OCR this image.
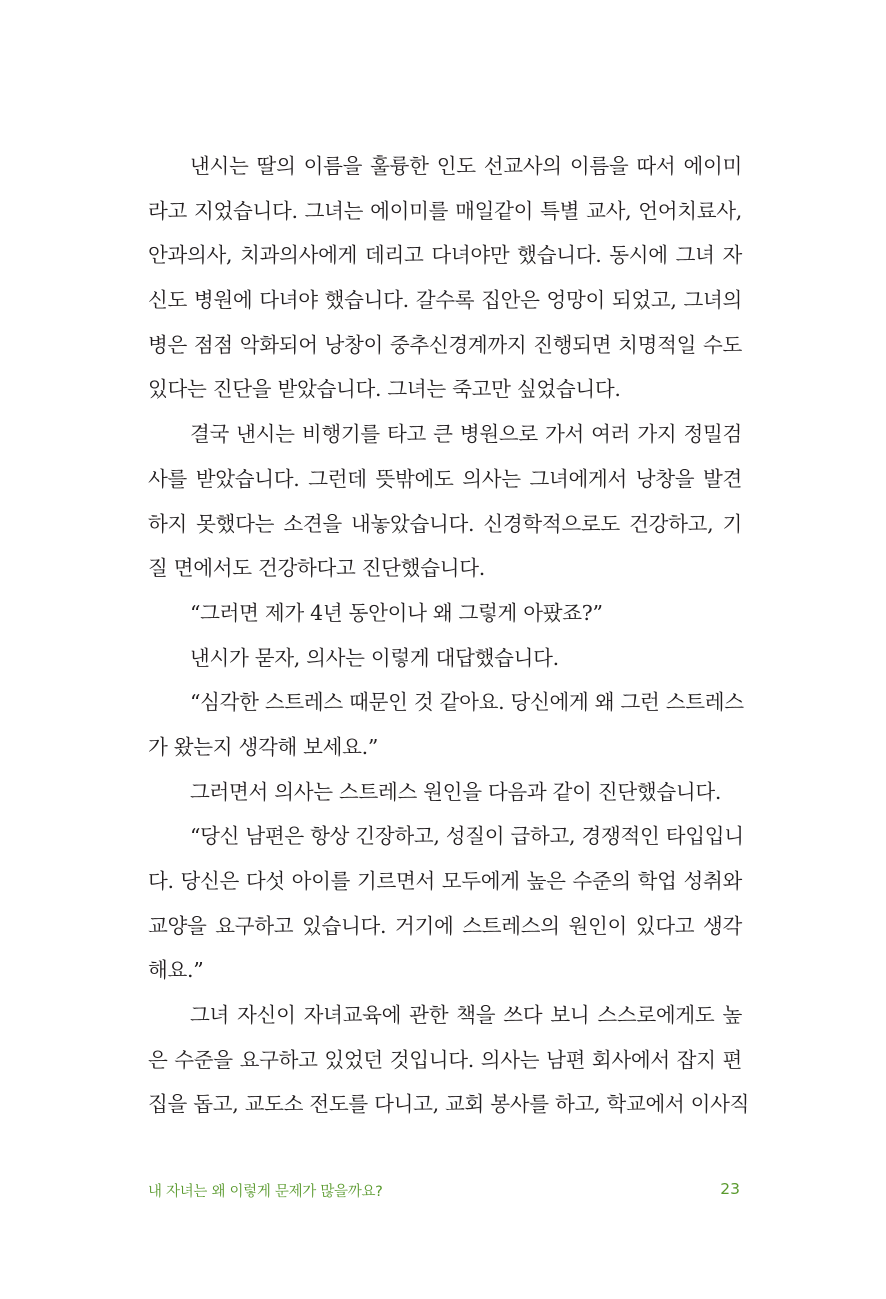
낸시는 딸의 이름을 훌륭한 인도 선교사의 이름을 따서 에이미
라고 지었습니다. 그녀는 에이미를 매일같이 특별 교사, 언어치료사,
안과의사, 치과의사에게 데리고 다녀야만 했습니다. 동시에 그녀 자
신도 병원에 다녀야 했습니다. 갈수록 집안은 엉망이 되었고, 그녀의
병은 점점 악화되어 낭창이 중추신경계까지 진행되면 치명적일 수도
있다는 진단을 받았습니다. 그녀는 죽고만 싶었습니다.
결국 낸시는 비행기를 타고 큰 병원으로 가서 여러 가지 정밀검
사를 받았습니다. 그런데 뜻밖에도 의사는 그녀에게서 낭창을 발견
하지 못했다는 소견을 내놓았습니다. 신경학적으로도 건강하고, 기
질 면에서도 건강하다고 진단했습니다.
“그러면 제가 4년 동안이나 왜 그렇게 아팠죠?”
낸시가 묻자, 의사는 이렇게 대답했습니다.
“심각한 스트레스 때문인 것 같아요. 당신에게 왜 그런 스트레스
가 왔는지 생각해 보세요.”
그러면서 의사는 스트레스 원인을 다음과 같이 진단했습니다.
“당신 남편은 항상 긴장하고, 성질이 급하고, 경쟁적인 타입입니
다. 당신은 다섯 아이를 기르면서 모두에게 높은 수준의 학업 성취와
교양을 요구하고 있습니다. 거기에 스트레스의 원인이 있다고 생각
해요.”
그녀 자신이 자녀교육에 관한 책을 쓰다 보니 스스로에게도 높
은 수준을 요구하고 있었던 것입니다. 의사는 남편 회사에서 잡지 편
집을 돕고, 교도소 전도를 다니고, 교회 봉사를 하고, 학교에서 이사직
내 자녀는 왜 이렇게 문제가 많을까요?	23
